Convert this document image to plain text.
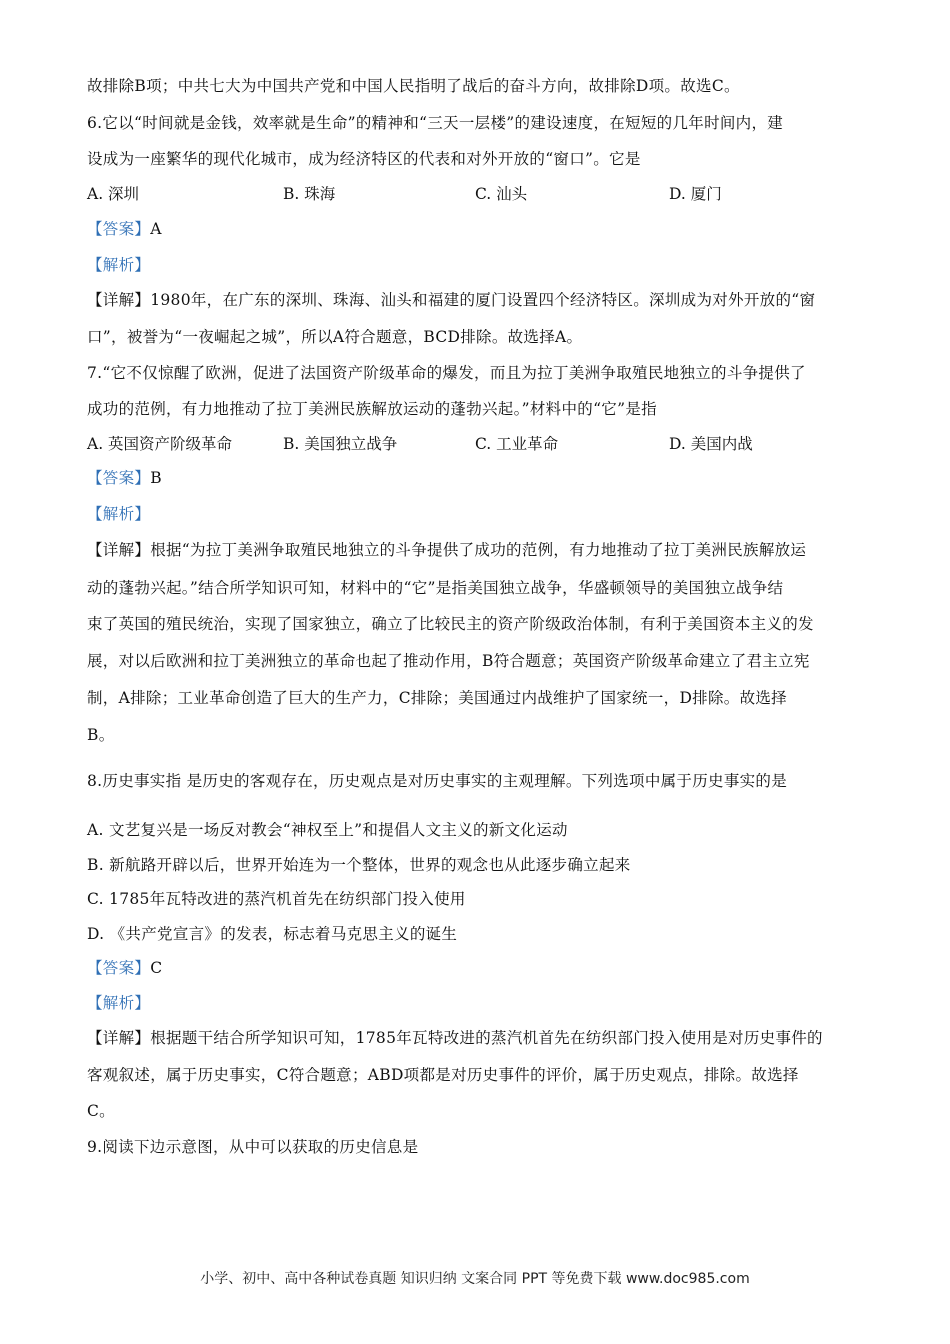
故排除B项；中共七大为中国共产党和中国人民指明了战后的奋斗方向，故排除D项。故选C。
6.它以“时间就是金钱，效率就是生命”的精神和“三天一层楼”的建设速度，在短短的几年时间内，建
设成为一座繁华的现代化城市，成为经济特区的代表和对外开放的“窗口”。它是
A. 深圳	B. 珠海	C. 汕头	D. 厦门
【答案】A
【解析】
【详解】1980年，在广东的深圳、珠海、汕头和福建的厦门设置四个经济特区。深圳成为对外开放的“窗
口”，被誉为“一夜崛起之城”，所以A符合题意，BCD排除。故选择A。
7.“它不仅惊醒了欧洲，促进了法国资产阶级革命的爆发，而且为拉丁美洲争取殖民地独立的斗争提供了
成功的范例，有力地推动了拉丁美洲民族解放运动的蓬勃兴起。”材料中的“它”是指
A. 英国资产阶级革命	B. 美国独立战争	C. 工业革命	D. 美国内战
【答案】B
【解析】
【详解】根据“为拉丁美洲争取殖民地独立的斗争提供了成功的范例，有力地推动了拉丁美洲民族解放运
动的蓬勃兴起。”结合所学知识可知，材料中的“它”是指美国独立战争，华盛顿领导的美国独立战争结
束了英国的殖民统治，实现了国家独立，确立了比较民主的资产阶级政治体制，有利于美国资本主义的发
展，对以后欧洲和拉丁美洲独立的革命也起了推动作用，B符合题意；英国资产阶级革命建立了君主立宪
制，A排除；工业革命创造了巨大的生产力，C排除；美国通过内战维护了国家统一，D排除。故选择
B。
8.历史事实指 是历史的客观存在，历史观点是对历史事实的主观理解。下列选项中属于历史事实的是
A. 文艺复兴是一场反对教会“神权至上”和提倡人文主义的新文化运动
B. 新航路开辟以后，世界开始连为一个整体，世界的观念也从此逐步确立起来
C. 1785年瓦特改进的蒸汽机首先在纺织部门投入使用
D. 《共产党宣言》的发表，标志着马克思主义的诞生
【答案】C
【解析】
【详解】根据题干结合所学知识可知，1785年瓦特改进的蒸汽机首先在纺织部门投入使用是对历史事件的
客观叙述，属于历史事实，C符合题意；ABD项都是对历史事件的评价，属于历史观点，排除。故选择
C。
9.阅读下边示意图，从中可以获取的历史信息是
小学、初中、高中各种试卷真题 知识归纳 文案合同 PPT 等免费下载 www.doc985.com
